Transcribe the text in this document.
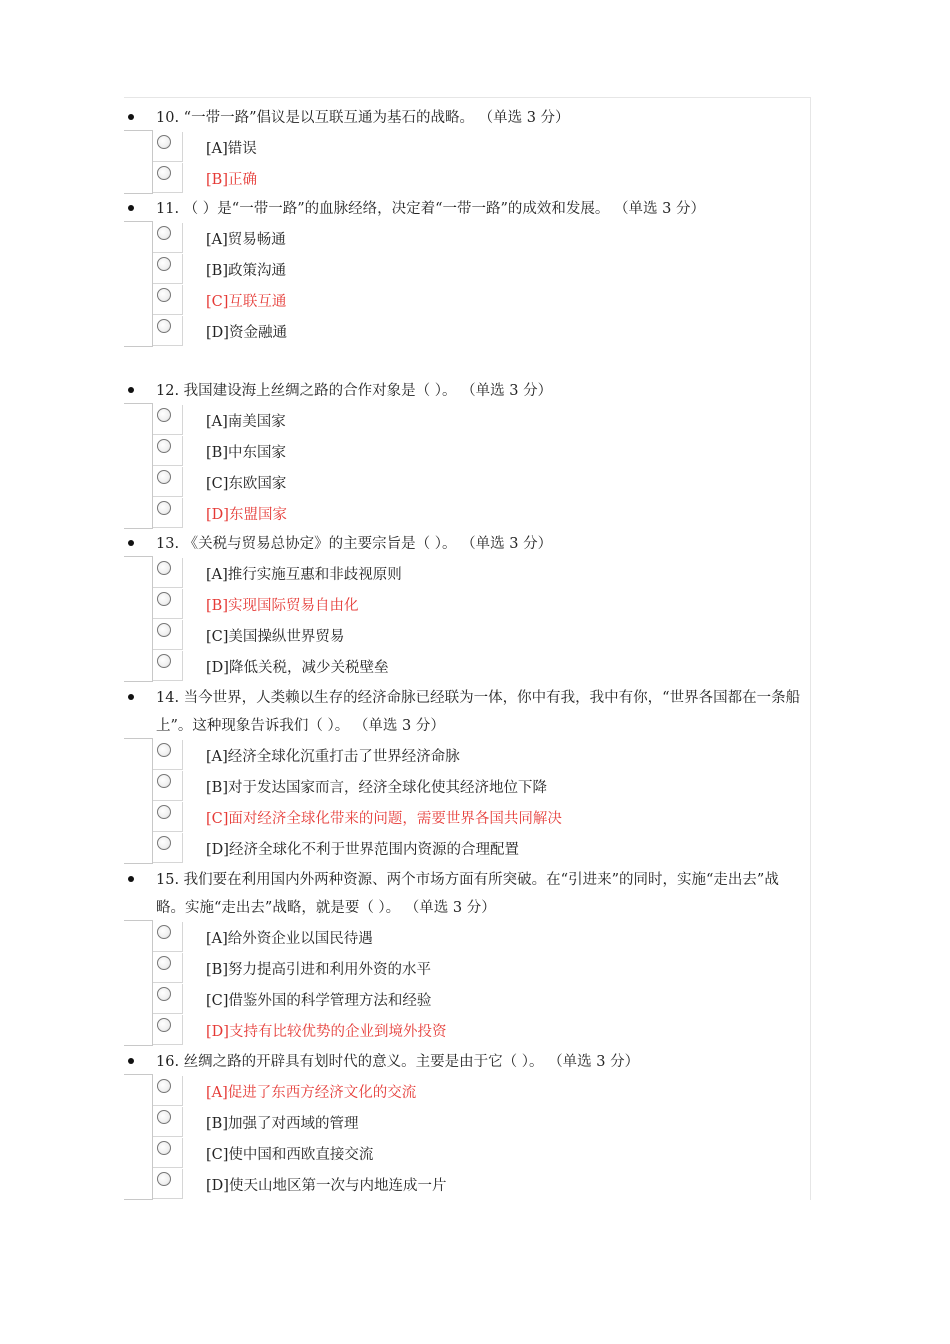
10. “一带一路”倡议是以互联互通为基石的战略。 （单选 3 分）
[A]错误
[B]正确
11. （ ）是“一带一路”的血脉经络，决定着“一带一路”的成效和发展。 （单选 3 分）
[A]贸易畅通
[B]政策沟通
[C]互联互通
[D]资金融通
12. 我国建设海上丝绸之路的合作对象是（ ）。 （单选 3 分）
[A]南美国家
[B]中东国家
[C]东欧国家
[D]东盟国家
13. 《关税与贸易总协定》的主要宗旨是（ ）。 （单选 3 分）
[A]推行实施互惠和非歧视原则
[B]实现国际贸易自由化
[C]美国操纵世界贸易
[D]降低关税，减少关税壁垒
14. 当今世界，人类赖以生存的经济命脉已经联为一体，你中有我，我中有你，“世界各国都在一条船上”。这种现象告诉我们（ ）。 （单选 3 分）
[A]经济全球化沉重打击了世界经济命脉
[B]对于发达国家而言，经济全球化使其经济地位下降
[C]面对经济全球化带来的问题，需要世界各国共同解决
[D]经济全球化不利于世界范围内资源的合理配置
15. 我们要在利用国内外两种资源、两个市场方面有所突破。在“引进来”的同时，实施“走出去”战略。实施“走出去”战略，就是要（ ）。 （单选 3 分）
[A]给外资企业以国民待遇
[B]努力提高引进和利用外资的水平
[C]借鉴外国的科学管理方法和经验
[D]支持有比较优势的企业到境外投资
16. 丝绸之路的开辟具有划时代的意义。主要是由于它（ ）。 （单选 3 分）
[A]促进了东西方经济文化的交流
[B]加强了对西域的管理
[C]使中国和西欧直接交流
[D]使天山地区第一次与内地连成一片
